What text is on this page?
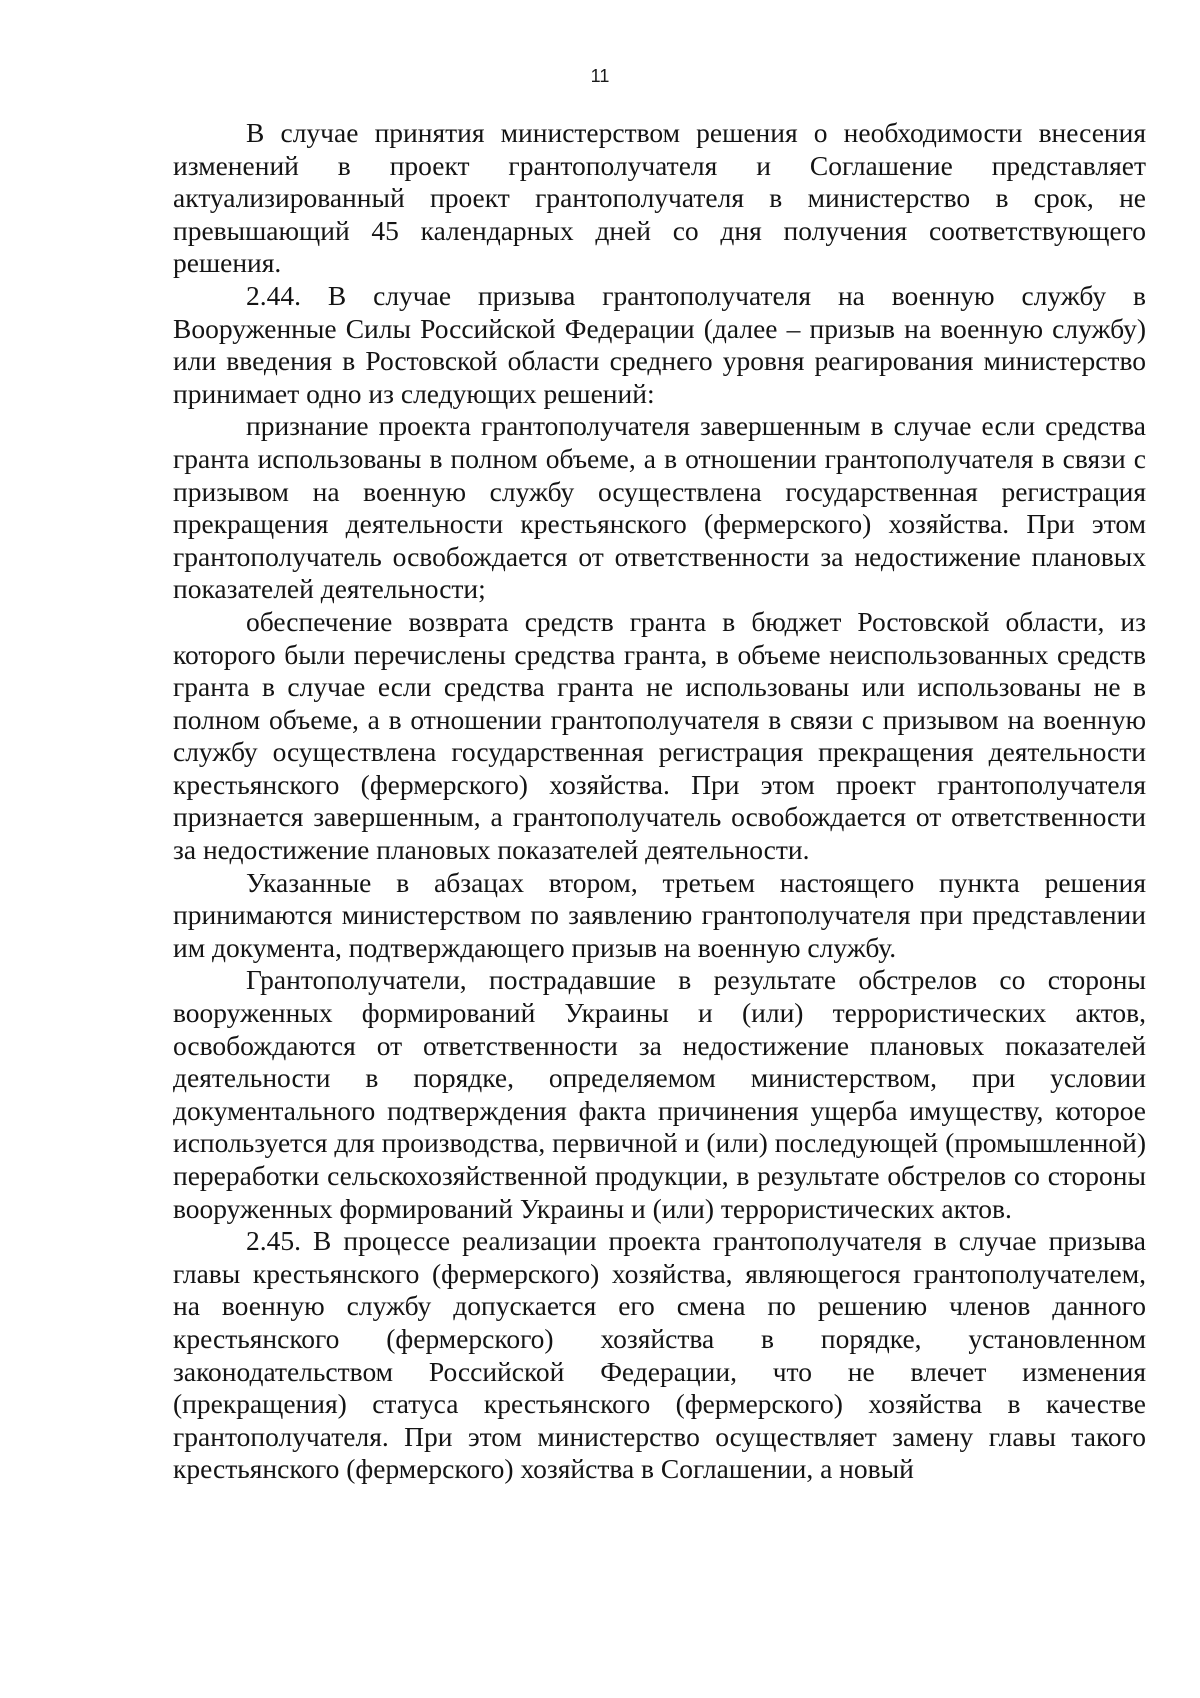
11

В случае принятия министерством решения о необходимости внесения изменений в проект грантополучателя и Соглашение представляет актуализированный проект грантополучателя в министерство в срок, не превышающий 45 календарных дней со дня получения соответствующего решения.

2.44. В случае призыва грантополучателя на военную службу в Вооруженные Силы Российской Федерации (далее – призыв на военную службу) или введения в Ростовской области среднего уровня реагирования министерство принимает одно из следующих решений:

признание проекта грантополучателя завершенным в случае если средства гранта использованы в полном объеме, а в отношении грантополучателя в связи с призывом на военную службу осуществлена государственная регистрация прекращения деятельности крестьянского (фермерского) хозяйства. При этом грантополучатель освобождается от ответственности за недостижение плановых показателей деятельности;

обеспечение возврата средств гранта в бюджет Ростовской области, из которого были перечислены средства гранта, в объеме неиспользованных средств гранта в случае если средства гранта не использованы или использованы не в полном объеме, а в отношении грантополучателя в связи с призывом на военную службу осуществлена государственная регистрация прекращения деятельности крестьянского (фермерского) хозяйства. При этом проект грантополучателя признается завершенным, а грантополучатель освобождается от ответственности за недостижение плановых показателей деятельности.

Указанные в абзацах втором, третьем настоящего пункта решения принимаются министерством по заявлению грантополучателя при представлении им документа, подтверждающего призыв на военную службу.

Грантополучатели, пострадавшие в результате обстрелов со стороны вооруженных формирований Украины и (или) террористических актов, освобождаются от ответственности за недостижение плановых показателей деятельности в порядке, определяемом министерством, при условии документального подтверждения факта причинения ущерба имуществу, которое используется для производства, первичной и (или) последующей (промышленной) переработки сельскохозяйственной продукции, в результате обстрелов со стороны вооруженных формирований Украины и (или) террористических актов.

2.45. В процессе реализации проекта грантополучателя в случае призыва главы крестьянского (фермерского) хозяйства, являющегося грантополучателем, на военную службу допускается его смена по решению членов данного крестьянского (фермерского) хозяйства в порядке, установленном законодательством Российской Федерации, что не влечет изменения (прекращения) статуса крестьянского (фермерского) хозяйства в качестве грантополучателя. При этом министерство осуществляет замену главы такого крестьянского (фермерского) хозяйства в Соглашении, а новый
